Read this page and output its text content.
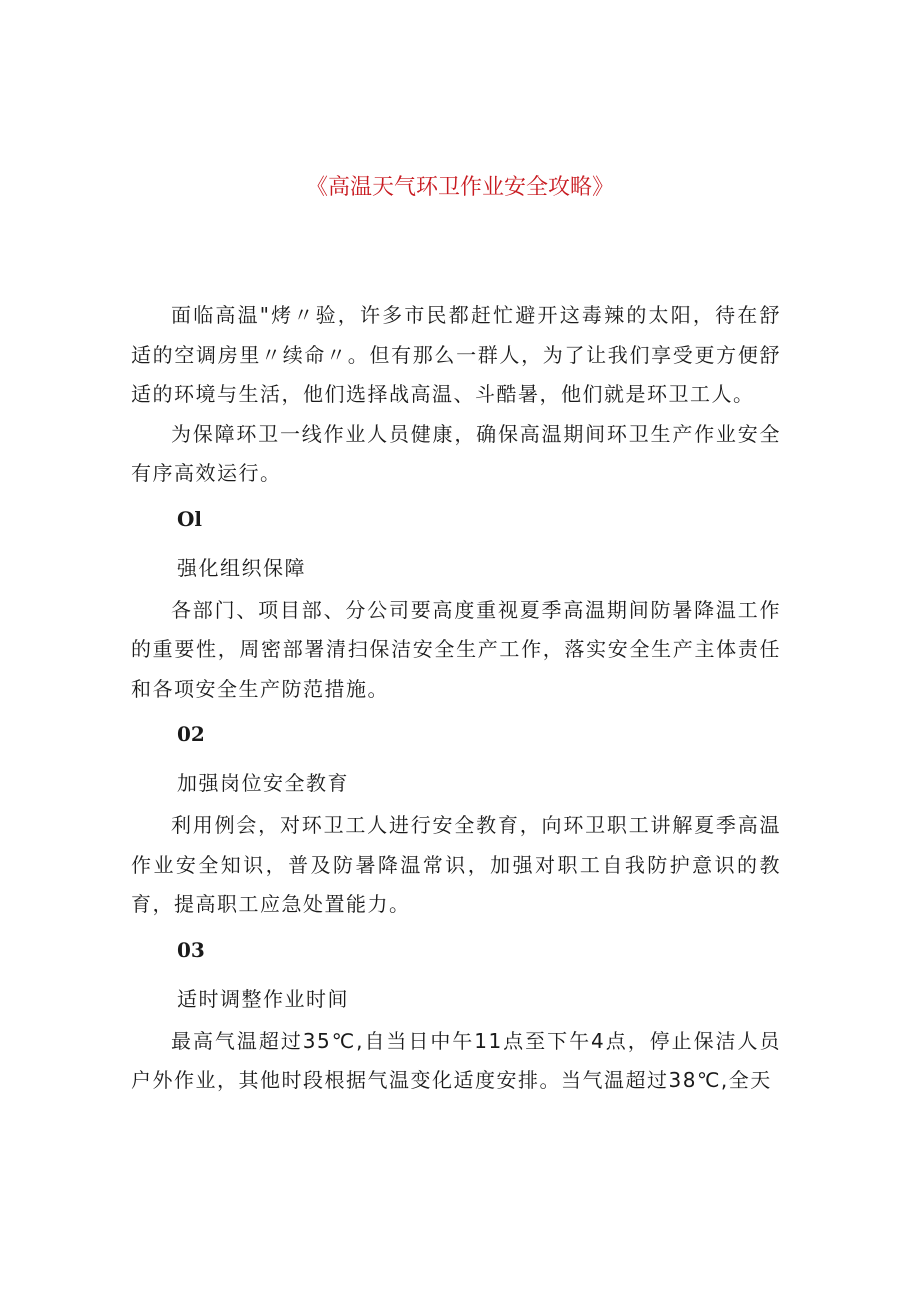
《高温天气环卫作业安全攻略》

面临高温"烤〃验，许多市民都赶忙避开这毒辣的太阳，待在舒适的空调房里〃续命〃。但有那么一群人，为了让我们享受更方便舒适的环境与生活，他们选择战高温、斗酷暑，他们就是环卫工人。

为保障环卫一线作业人员健康，确保高温期间环卫生产作业安全有序高效运行。

Ol

强化组织保障

各部门、项目部、分公司要高度重视夏季高温期间防暑降温工作的重要性，周密部署清扫保洁安全生产工作，落实安全生产主体责任和各项安全生产防范措施。

02

加强岗位安全教育

利用例会，对环卫工人进行安全教育，向环卫职工讲解夏季高温作业安全知识，普及防暑降温常识，加强对职工自我防护意识的教育，提高职工应急处置能力。

03

适时调整作业时间

最高气温超过35℃,自当日中午11点至下午4点，停止保洁人员户外作业，其他时段根据气温变化适度安排。当气温超过38℃,全天
